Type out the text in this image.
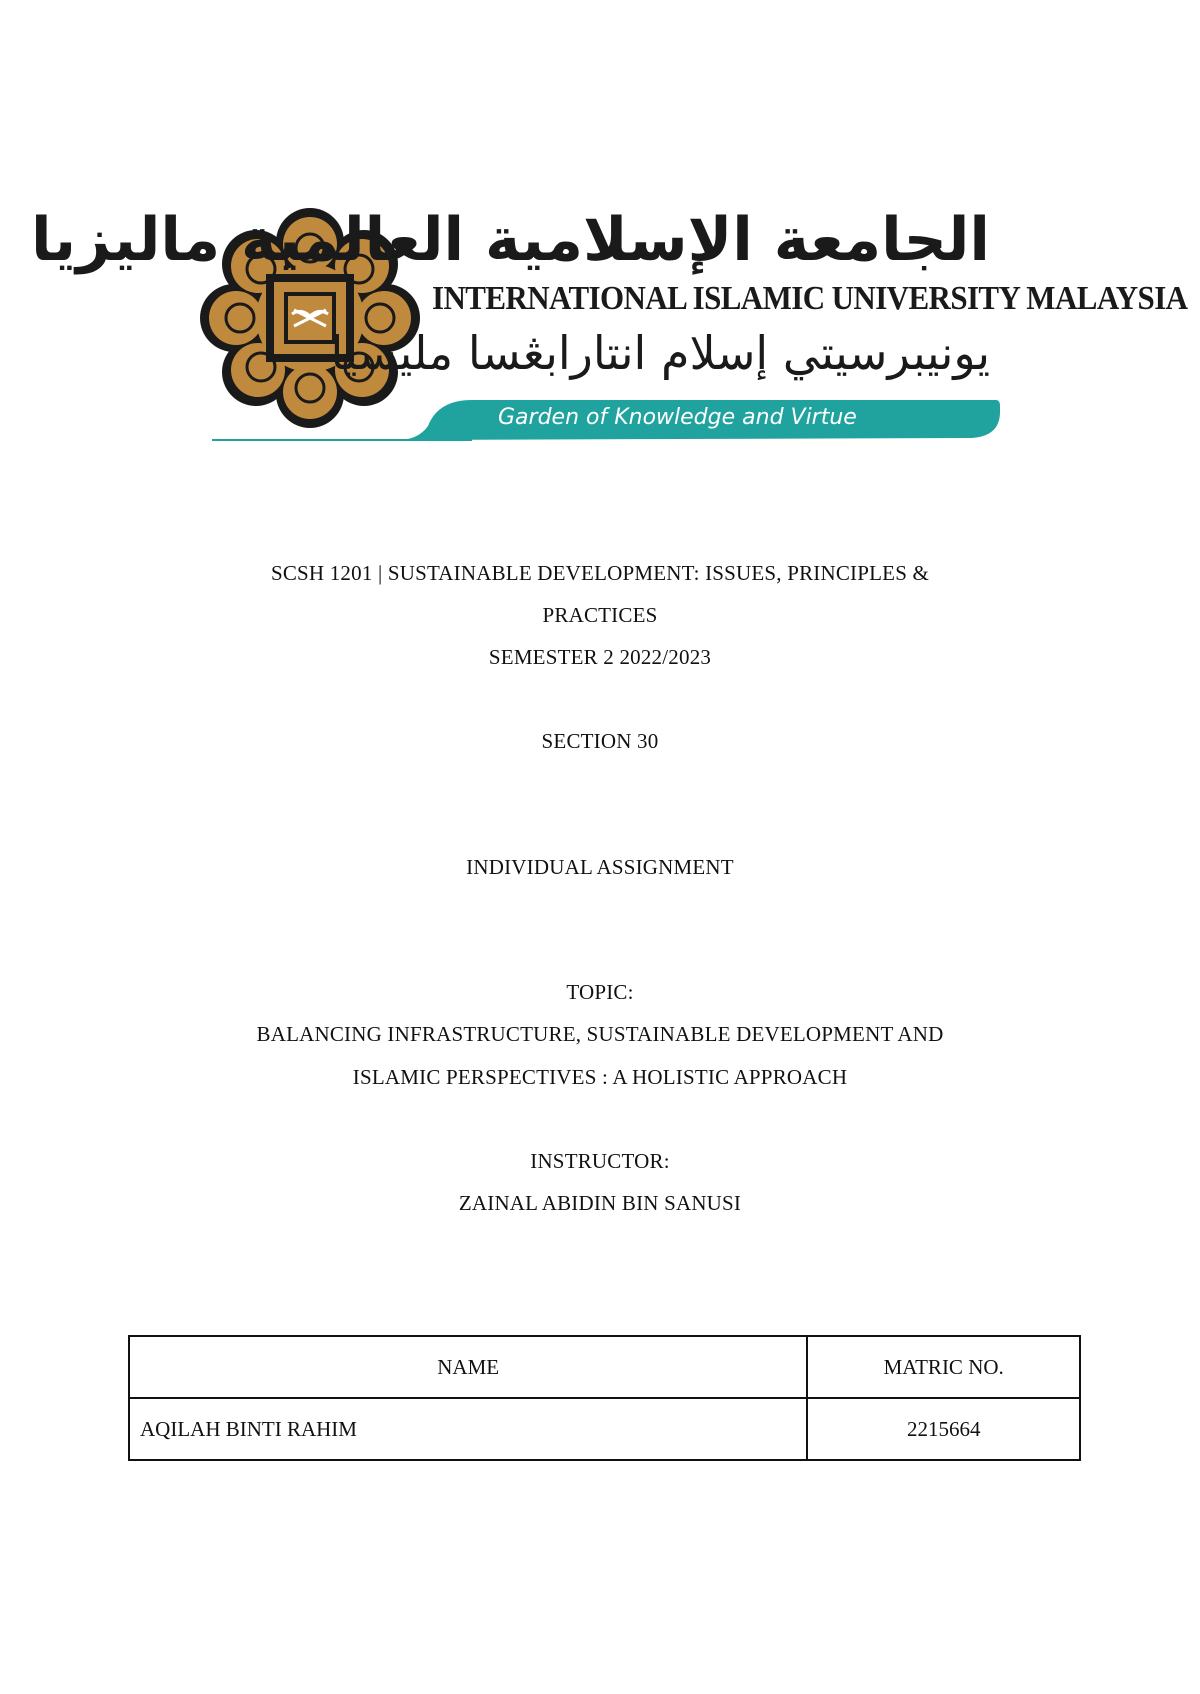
الجامعة الإسلامية العالمية ماليزيا
INTERNATIONAL ISLAMIC UNIVERSITY MALAYSIA
يونيبرسيتي إسلام انتارابڠسا مليسيا
Garden of Knowledge and Virtue
SCSH 1201 | SUSTAINABLE DEVELOPMENT: ISSUES, PRINCIPLES &
PRACTICES
SEMESTER 2 2022/2023
SECTION 30
INDIVIDUAL ASSIGNMENT
TOPIC:
BALANCING INFRASTRUCTURE, SUSTAINABLE DEVELOPMENT AND
ISLAMIC PERSPECTIVES : A HOLISTIC APPROACH
INSTRUCTOR:
ZAINAL ABIDIN BIN SANUSI
NAME	MATRIC NO.
AQILAH BINTI RAHIM	2215664
